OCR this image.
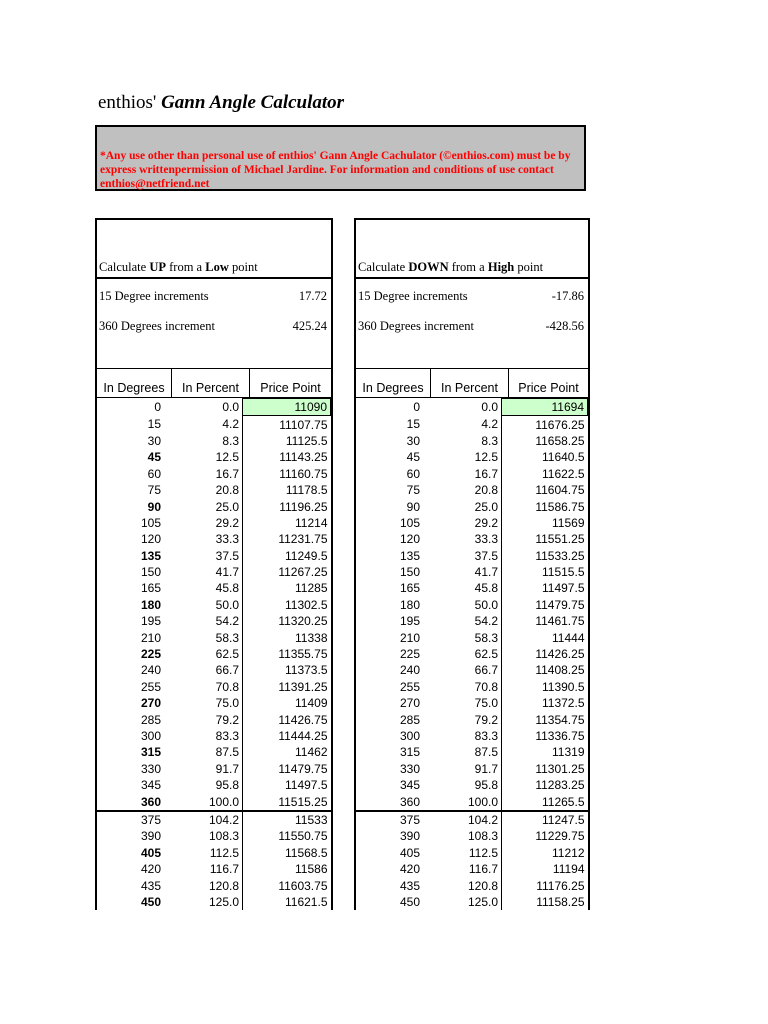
enthios' Gann Angle Calculator
*Any use other than personal use of enthios' Gann Angle Cachulator (©enthios.com) must be by express writtenpermission of Michael Jardine. For information and conditions of use contact enthios@netfriend.net
Calculate UP from a Low point
15 Degree increments	17.72
360 Degrees increment	425.24
In Degrees	In Percent	Price Point
0	0.0	11090
15	4.2	11107.75
30	8.3	11125.5
45	12.5	11143.25
60	16.7	11160.75
75	20.8	11178.5
90	25.0	11196.25
105	29.2	11214
120	33.3	11231.75
135	37.5	11249.5
150	41.7	11267.25
165	45.8	11285
180	50.0	11302.5
195	54.2	11320.25
210	58.3	11338
225	62.5	11355.75
240	66.7	11373.5
255	70.8	11391.25
270	75.0	11409
285	79.2	11426.75
300	83.3	11444.25
315	87.5	11462
330	91.7	11479.75
345	95.8	11497.5
360	100.0	11515.25
375	104.2	11533
390	108.3	11550.75
405	112.5	11568.5
420	116.7	11586
435	120.8	11603.75
450	125.0	11621.5
Calculate DOWN from a High point
15 Degree increments	-17.86
360 Degrees increment	-428.56
In Degrees	In Percent	Price Point
0	0.0	11694
15	4.2	11676.25
30	8.3	11658.25
45	12.5	11640.5
60	16.7	11622.5
75	20.8	11604.75
90	25.0	11586.75
105	29.2	11569
120	33.3	11551.25
135	37.5	11533.25
150	41.7	11515.5
165	45.8	11497.5
180	50.0	11479.75
195	54.2	11461.75
210	58.3	11444
225	62.5	11426.25
240	66.7	11408.25
255	70.8	11390.5
270	75.0	11372.5
285	79.2	11354.75
300	83.3	11336.75
315	87.5	11319
330	91.7	11301.25
345	95.8	11283.25
360	100.0	11265.5
375	104.2	11247.5
390	108.3	11229.75
405	112.5	11212
420	116.7	11194
435	120.8	11176.25
450	125.0	11158.25
